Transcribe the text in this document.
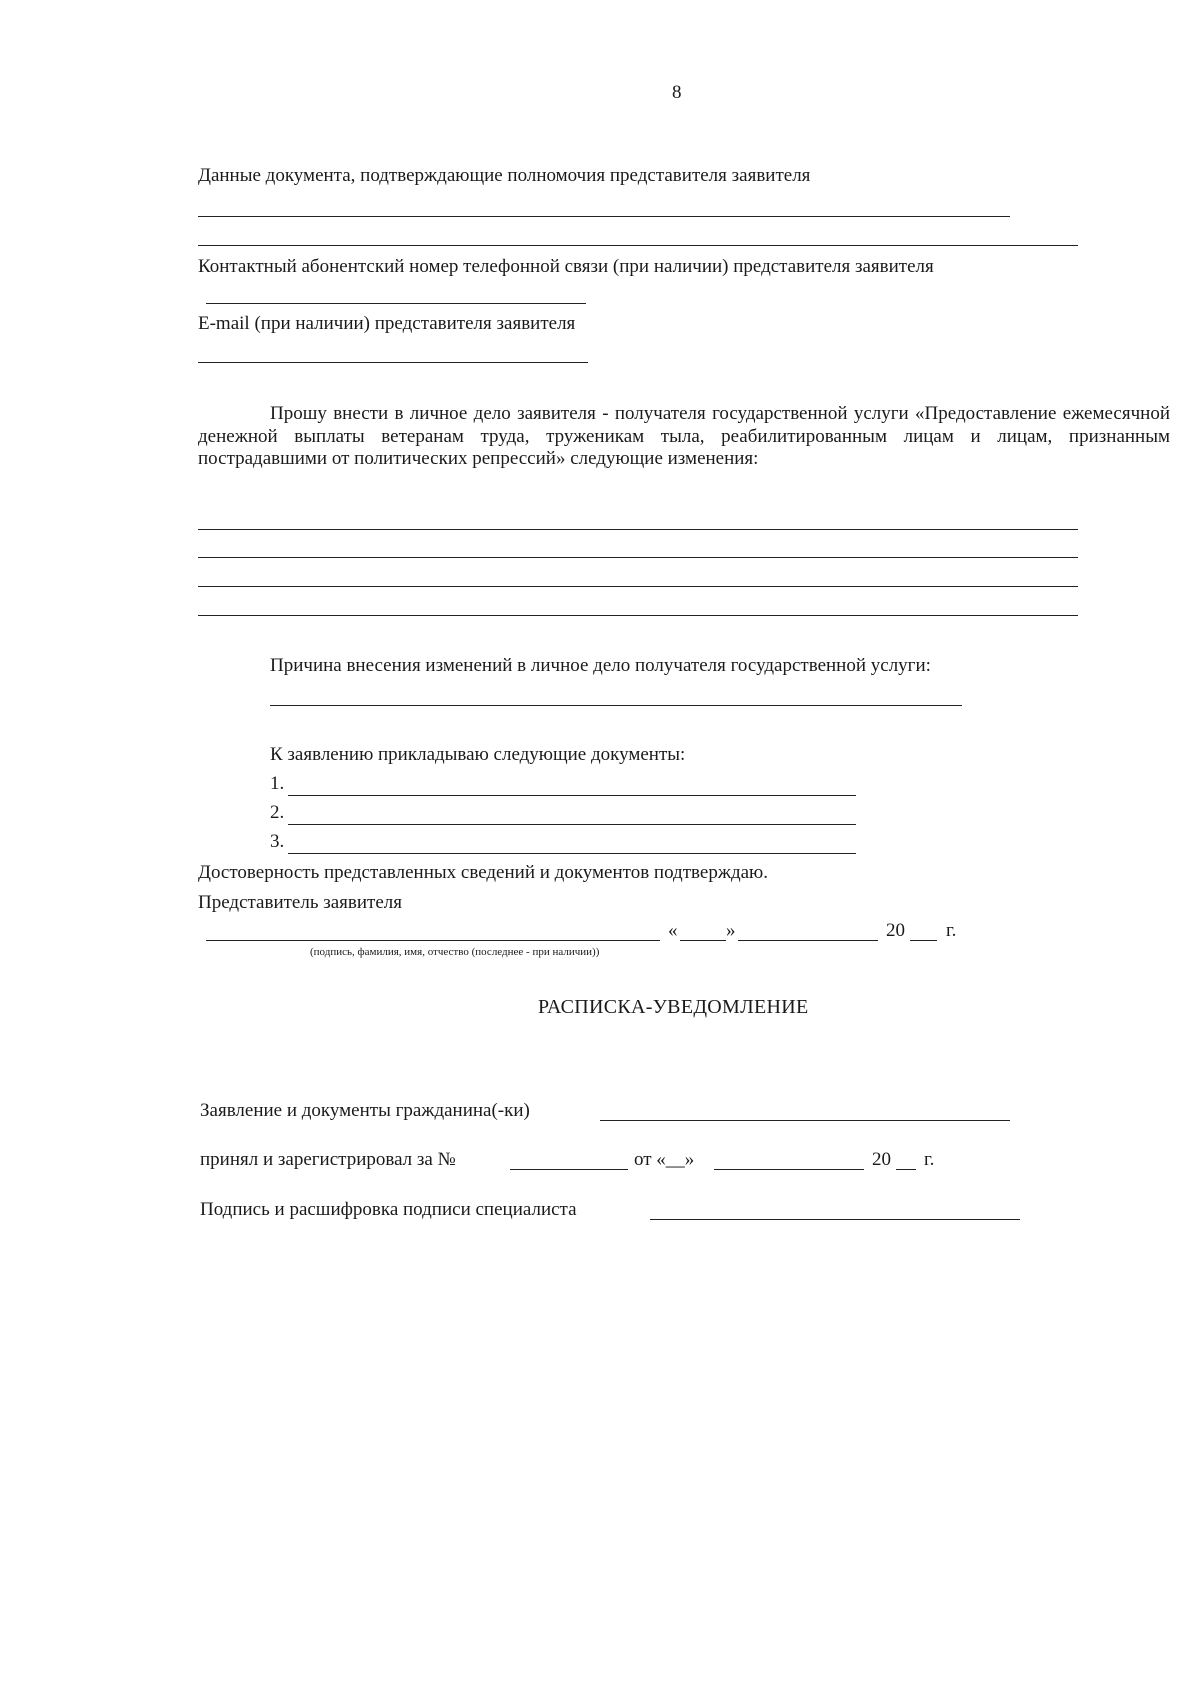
8
Данные документа, подтверждающие полномочия представителя заявителя
Контактный абонентский номер телефонной связи (при наличии) представителя заявителя
E-mail (при наличии) представителя заявителя

Прошу внести в личное дело заявителя - получателя государственной услуги «Предоставление ежемесячной денежной выплаты ветеранам труда, труженикам тыла, реабилитированным лицам и лицам, признанным пострадавшими от политических репрессий» следующие изменения:

Причина внесения изменений в личное дело получателя государственной услуги:
К заявлению прикладываю следующие документы:
1.
2.
3.
Достоверность представленных сведений и документов подтверждаю.
Представитель заявителя
«	»	20 г.
(подпись, фамилия, имя, отчество (последнее - при наличии))
РАСПИСКА-УВЕДОМЛЕНИЕ
Заявление и документы гражданина(-ки)
принял и зарегистрировал за №	от «__»	20 г.
Подпись и расшифровка подписи специалиста
